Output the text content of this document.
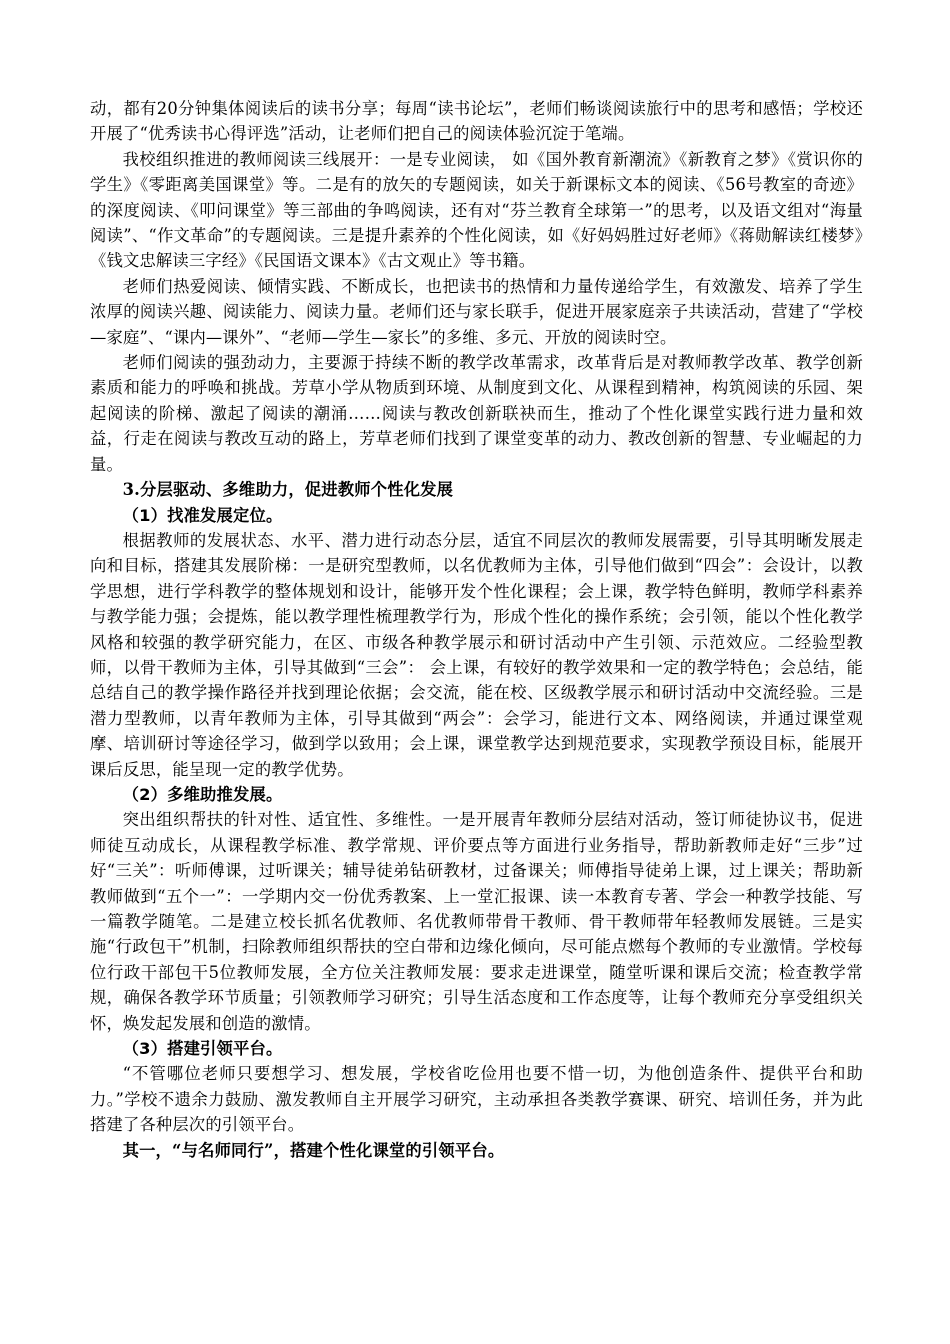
动，都有20分钟集体阅读后的读书分享；每周“读书论坛”，老师们畅谈阅读旅行中的思考和感悟；学校还开展了“优秀读书心得评选”活动，让老师们把自己的阅读体验沉淀于笔端。

我校组织推进的教师阅读三线展开：一是专业阅读， 如《国外教育新潮流》《新教育之梦》《赏识你的学生》《零距离美国课堂》等。二是有的放矢的专题阅读，如关于新课标文本的阅读、《56号教室的奇迹》的深度阅读、《叩问课堂》等三部曲的争鸣阅读，还有对“芬兰教育全球第一”的思考，以及语文组对“海量阅读”、“作文革命”的专题阅读。三是提升素养的个性化阅读，如《好妈妈胜过好老师》《蒋勋解读红楼梦》《钱文忠解读三字经》《民国语文课本》《古文观止》等书籍。

老师们热爱阅读、倾情实践、不断成长，也把读书的热情和力量传递给学生，有效激发、培养了学生浓厚的阅读兴趣、阅读能力、阅读力量。老师们还与家长联手，促进开展家庭亲子共读活动，营建了“学校—家庭”、“课内—课外”、“老师—学生—家长”的多维、多元、开放的阅读时空。

老师们阅读的强劲动力，主要源于持续不断的教学改革需求，改革背后是对教师教学改革、教学创新素质和能力的呼唤和挑战。芳草小学从物质到环境、从制度到文化、从课程到精神，构筑阅读的乐园、架起阅读的阶梯、激起了阅读的潮涌……阅读与教改创新联袂而生，推动了个性化课堂实践行进力量和效益，行走在阅读与教改互动的路上，芳草老师们找到了课堂变革的动力、教改创新的智慧、专业崛起的力量。

3.分层驱动、多维助力，促进教师个性化发展

（1）找准发展定位。

根据教师的发展状态、水平、潜力进行动态分层，适宜不同层次的教师发展需要，引导其明晰发展走向和目标，搭建其发展阶梯：一是研究型教师，以名优教师为主体，引导他们做到“四会”：会设计，以教学思想，进行学科教学的整体规划和设计，能够开发个性化课程；会上课，教学特色鲜明，教师学科素养与教学能力强；会提炼，能以教学理性梳理教学行为，形成个性化的操作系统；会引领，能以个性化教学风格和较强的教学研究能力，在区、市级各种教学展示和研讨活动中产生引领、示范效应。二经验型教师，以骨干教师为主体，引导其做到“三会”： 会上课，有较好的教学效果和一定的教学特色；会总结，能总结自己的教学操作路径并找到理论依据；会交流，能在校、区级教学展示和研讨活动中交流经验。三是潜力型教师，以青年教师为主体，引导其做到“两会”：会学习，能进行文本、网络阅读，并通过课堂观摩、培训研讨等途径学习，做到学以致用；会上课，课堂教学达到规范要求，实现教学预设目标，能展开课后反思，能呈现一定的教学优势。

（2）多维助推发展。

突出组织帮扶的针对性、适宜性、多维性。一是开展青年教师分层结对活动，签订师徒协议书，促进师徒互动成长，从课程教学标准、教学常规、评价要点等方面进行业务指导，帮助新教师走好“三步”过好“三关”：听师傅课，过听课关；辅导徒弟钻研教材，过备课关；师傅指导徒弟上课，过上课关；帮助新教师做到“五个一”：一学期内交一份优秀教案、上一堂汇报课、读一本教育专著、学会一种教学技能、写一篇教学随笔。二是建立校长抓名优教师、名优教师带骨干教师、骨干教师带年轻教师发展链。三是实施“行政包干”机制，扫除教师组织帮扶的空白带和边缘化倾向，尽可能点燃每个教师的专业激情。学校每位行政干部包干5位教师发展，全方位关注教师发展：要求走进课堂，随堂听课和课后交流；检查教学常规，确保各教学环节质量；引领教师学习研究；引导生活态度和工作态度等，让每个教师充分享受组织关怀，焕发起发展和创造的激情。

（3）搭建引领平台。

“不管哪位老师只要想学习、想发展，学校省吃俭用也要不惜一切，为他创造条件、提供平台和助力。”学校不遗余力鼓励、激发教师自主开展学习研究，主动承担各类教学赛课、研究、培训任务，并为此搭建了各种层次的引领平台。

其一，“与名师同行”，搭建个性化课堂的引领平台。
